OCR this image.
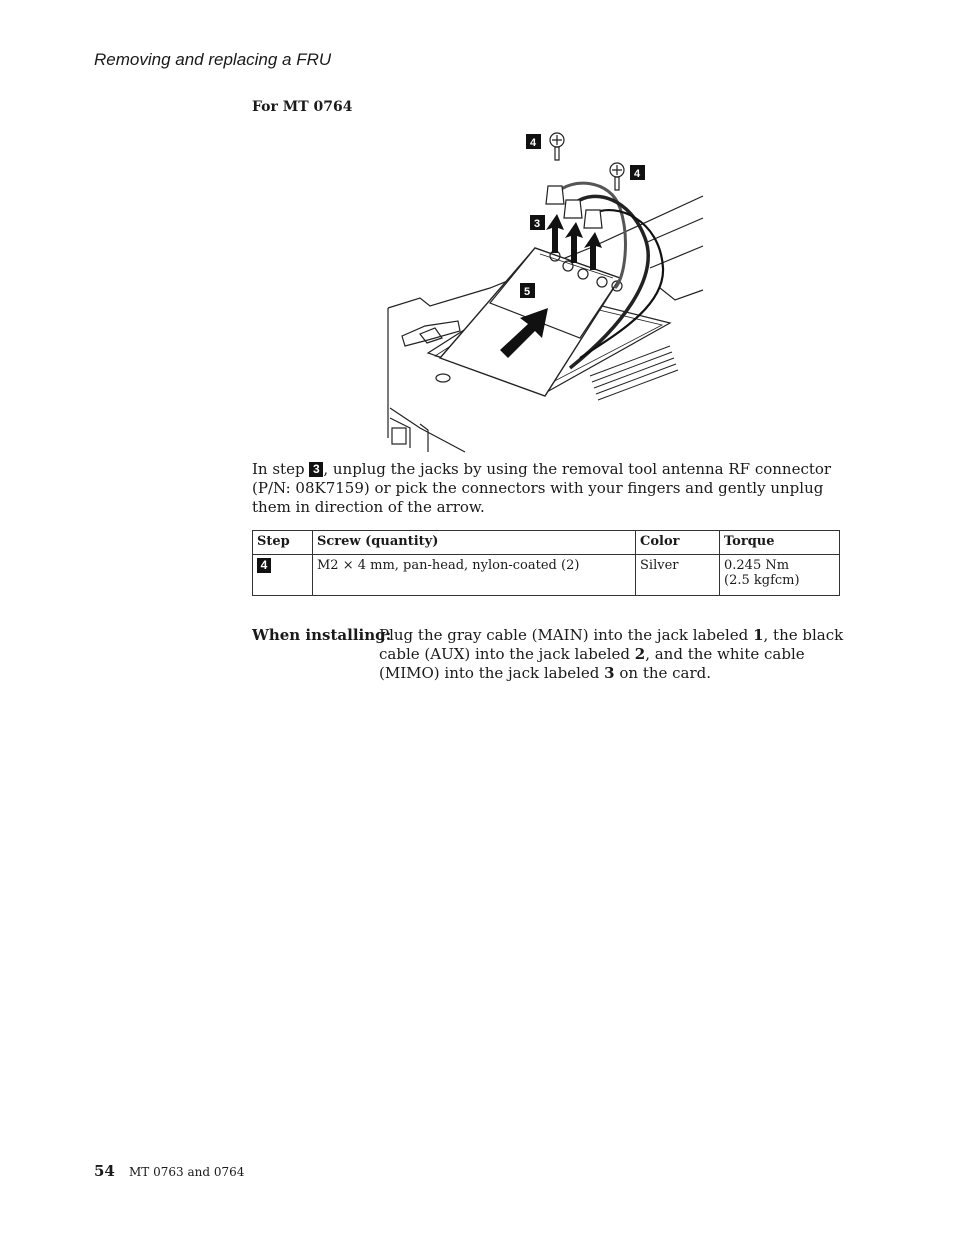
Removing and replacing a FRU
For MT 0764
4
4
3
5
In step 3 , unplug the jacks by using the removal tool antenna RF connector (P/N: 08K7159) or pick the connectors with your fingers and gently unplug them in direction of the arrow.
Step	Screw (quantity)	Color	Torque
4	M2 × 4 mm, pan-head, nylon-coated (2)	Silver	0.245 Nm
(2.5 kgfcm)
When installing:
Plug the gray cable (MAIN) into the jack labeled 1, the black cable (AUX) into the jack labeled 2, and the white cable (MIMO) into the jack labeled 3 on the card.
54 MT 0763 and 0764
